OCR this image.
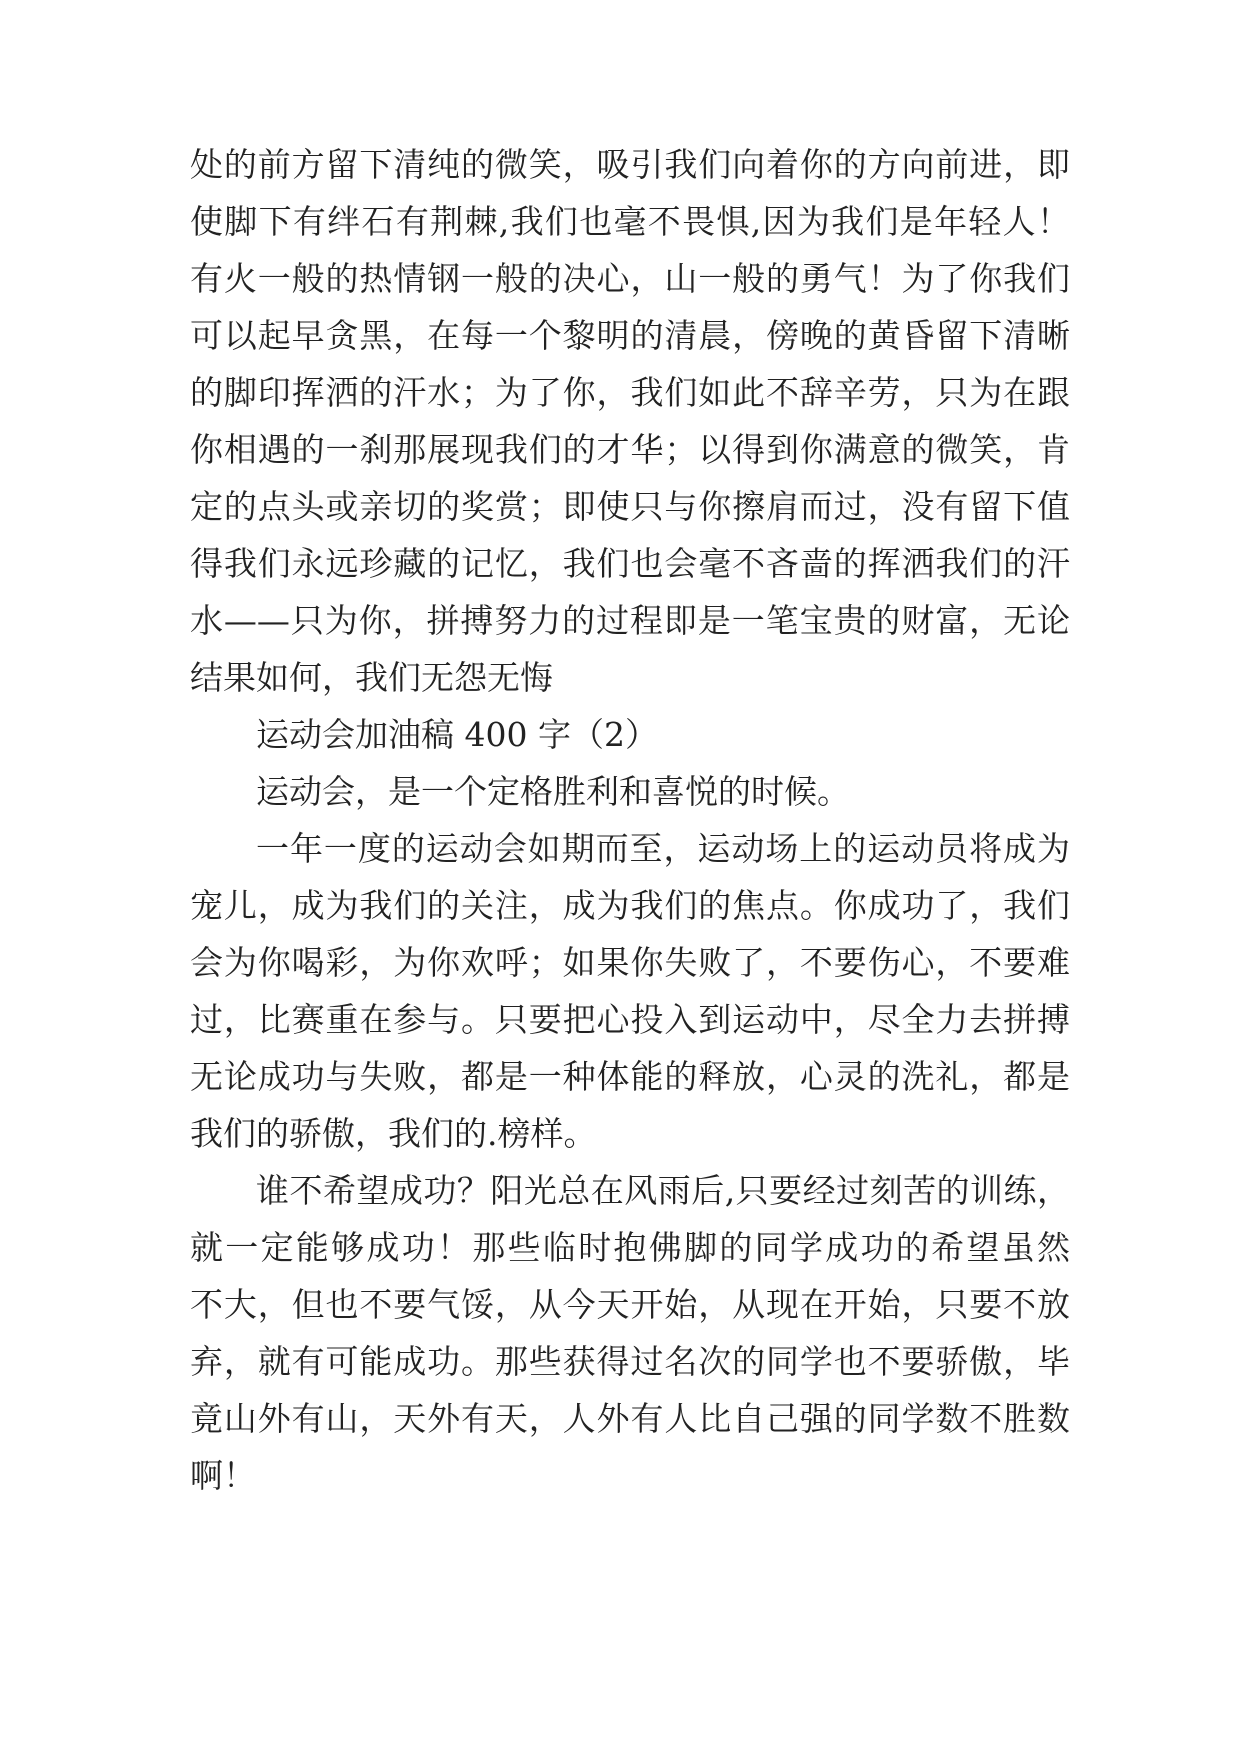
处的前方留下清纯的微笑，吸引我们向着你的方向前进，即
使脚下有绊石有荆棘,我们也毫不畏惧,因为我们是年轻人！
有火一般的热情钢一般的决心，山一般的勇气！为了你我们
可以起早贪黑，在每一个黎明的清晨，傍晚的黄昏留下清晰
的脚印挥洒的汗水；为了你，我们如此不辞辛劳，只为在跟
你相遇的一刹那展现我们的才华；以得到你满意的微笑，肯
定的点头或亲切的奖赏；即使只与你擦肩而过，没有留下值
得我们永远珍藏的记忆，我们也会毫不吝啬的挥洒我们的汗
水——只为你，拼搏努力的过程即是一笔宝贵的财富，无论
结果如何，我们无怨无悔
运动会加油稿 400 字（2）
运动会，是一个定格胜利和喜悦的时候。
一年一度的运动会如期而至，运动场上的运动员将成为
宠儿，成为我们的关注，成为我们的焦点。你成功了，我们
会为你喝彩，为你欢呼；如果你失败了，不要伤心，不要难
过，比赛重在参与。只要把心投入到运动中，尽全力去拼搏
无论成功与失败，都是一种体能的释放，心灵的洗礼，都是
我们的骄傲，我们的.榜样。
谁不希望成功？阳光总在风雨后,只要经过刻苦的训练，
就一定能够成功！那些临时抱佛脚的同学成功的希望虽然
不大，但也不要气馁，从今天开始，从现在开始，只要不放
弃，就有可能成功。那些获得过名次的同学也不要骄傲，毕
竟山外有山，天外有天，人外有人比自己强的同学数不胜数
啊！
